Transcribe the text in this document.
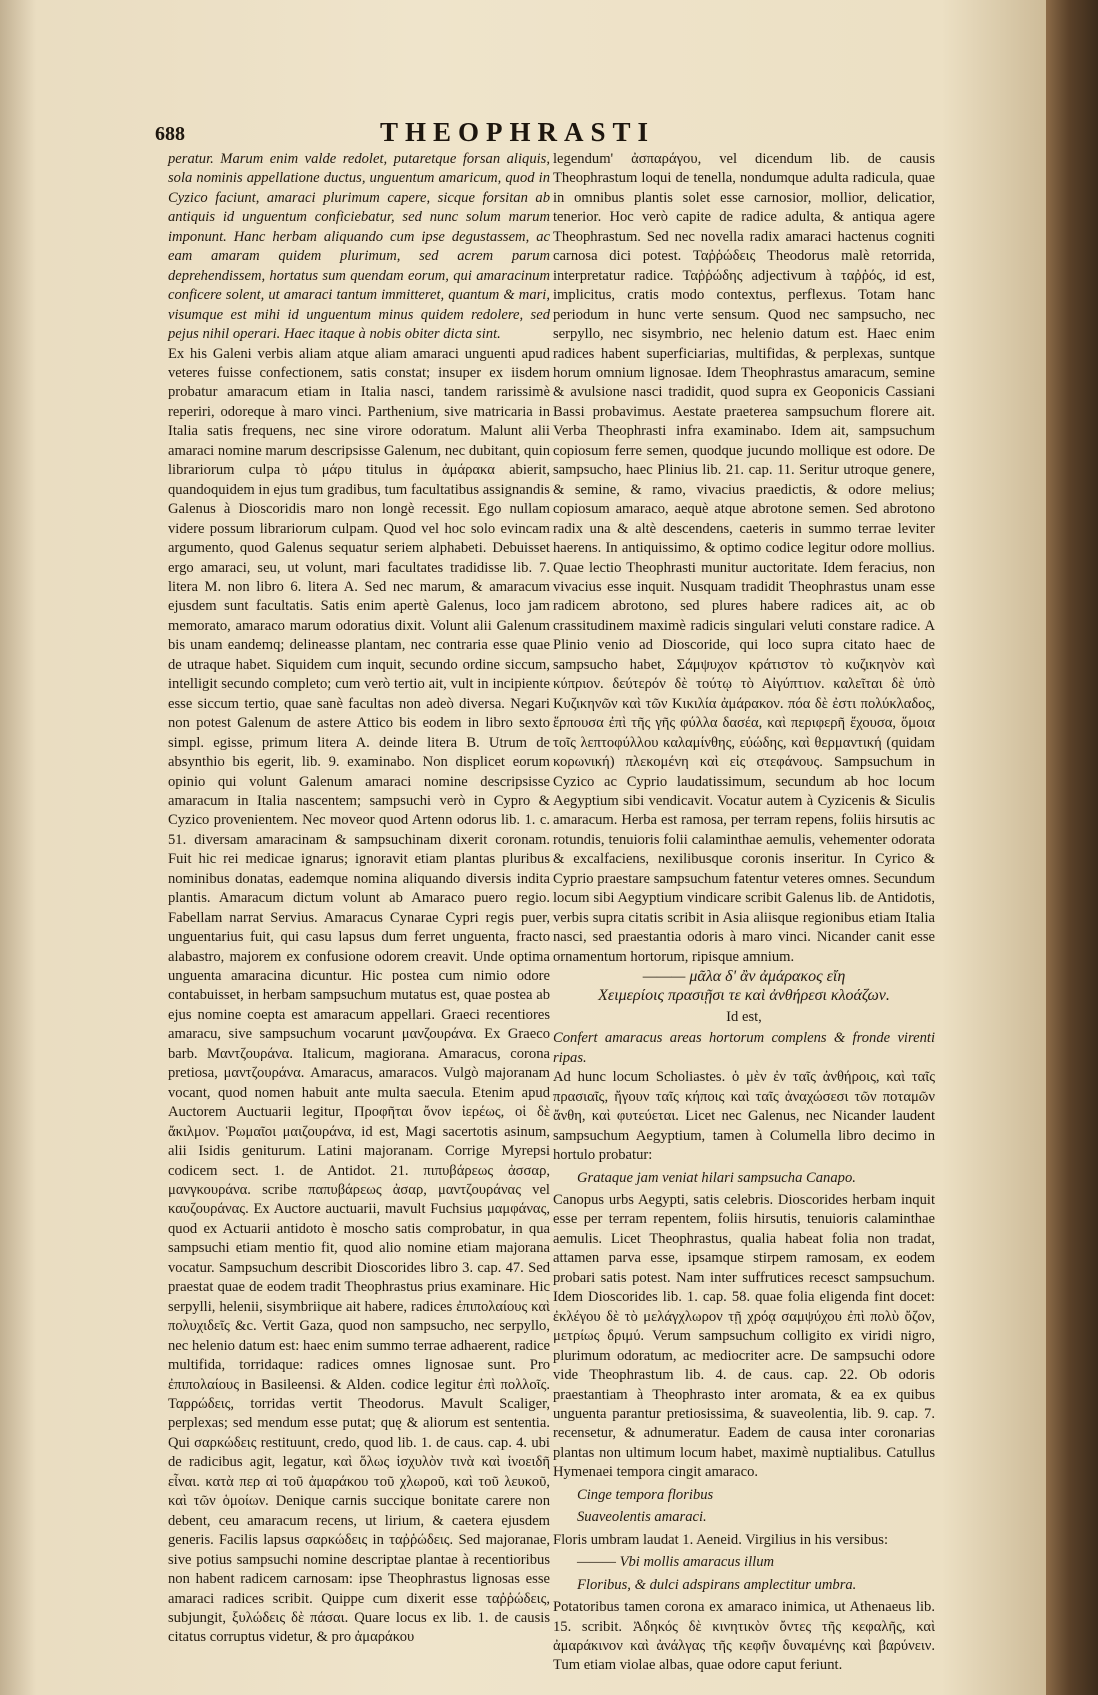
688	THEOPHRASTI

peratur. Marum enim valde redolet, putaretque forsan aliquis, sola nominis appellatione ductus, unguentum amaricum, quod in Cyzico faciunt, amaraci plurimum capere, sicque forsitan ab antiquis id unguentum conficiebatur, sed nunc solum marum imponunt. Hanc herbam aliquando cum ipse degustassem, ac eam amaram quidem plurimum, sed acrem parum deprehendissem, hortatus sum quendam eorum, qui amaracinum conficere solent, ut amaraci tantum immitteret, quantum & mari, visumque est mihi id unguentum minus quidem redolere, sed pejus nihil operari. Haec itaque à nobis obiter dicta sint.

Ex his Galeni verbis aliam atque aliam amaraci unguenti apud veteres fuisse confectionem, satis constat; insuper ex iisdem probatur amaracum etiam in Italia nasci, tandem rarissimè reperiri, odoreque à maro vinci. Parthenium, sive matricaria in Italia satis frequens, nec sine virore odoratum. Malunt alii amaraci nomine marum descripsisse Galenum, nec dubitant, quin librariorum culpa τὸ μάρυ titulus in ἀμάρακα abierit, quandoquidem in ejus tum gradibus, tum facultatibus assignandis Galenus à Dioscoridis maro non longè recessit. Ego nullam videre possum librariorum culpam. Quod vel hoc solo evincam argumento, quod Galenus sequatur seriem alphabeti. Debuisset ergo amaraci, seu, ut volunt, mari facultates tradidisse lib. 7. litera M. non libro 6. litera A. Sed nec marum, & amaracum ejusdem sunt facultatis. Satis enim apertè Galenus, loco jam memorato, amaraco marum odoratius dixit. Volunt alii Galenum bis unam eandemq; delineasse plantam, nec contraria esse quae de utraque habet. Siquidem cum inquit, secundo ordine siccum, intelligit secundo completo; cum verò tertio ait, vult in incipiente esse siccum tertio, quae sanè facultas non adeò diversa. Negari non potest Galenum de astere Attico bis eodem in libro sexto simpl. egisse, primum litera A. deinde litera B. Utrum de absynthio bis egerit, lib. 9. examinabo. Non displicet eorum opinio qui volunt Galenum amaraci nomine descripsisse amaracum in Italia nascentem; sampsuchi verò in Cypro & Cyzico provenientem. Nec moveor quod Artenn odorus lib. 1. c. 51. diversam amaracinam & sampsuchinam dixerit coronam. Fuit hic rei medicae ignarus; ignoravit etiam plantas pluribus nominibus donatas, eademque nomina aliquando diversis indita plantis. Amaracum dictum volunt ab Amaraco puero regio. Fabellam narrat Servius. Amaracus Cynarae Cypri regis puer, unguentarius fuit, qui casu lapsus dum ferret unguenta, fracto alabastro, majorem ex confusione odorem creavit. Unde optima unguenta amaracina dicuntur. Hic postea cum nimio odore contabuisset, in herbam sampsuchum mutatus est, quae postea ab ejus nomine coepta est amaracum appellari. Graeci recentiores amaracu, sive sampsuchum vocarunt μανζουράνα. Ex Graeco barb. Μαντζουράνα. Italicum, magiorana. Amaracus, corona pretiosa, μαντζουράνα. Amaracus, amaracos. Vulgò majoranam vocant, quod nomen habuit ante multa saecula. Etenim apud Auctorem Auctuarii legitur, Προφῆται ὄνον ἱερέως, οἱ δὲ ἄκιλμον. Ῥωμαῖοι μαιζουράνα, id est, Magi sacertotis asinum, alii Isidis geniturum. Latini majoranam. Corrige Myrepsi codicem sect. 1. de Antidot. 21. πιπυβάρεως ἀσσαρ, μανγκουράνα. scribe παπυβάρεως ἀσαρ, μαντζουράνας vel καυζουράνας. Ex Auctore auctuarii, mavult Fuchsius μαμφάνας, quod ex Actuarii antidoto è moscho satis comprobatur, in qua sampsuchi etiam mentio fit, quod alio nomine etiam majorana vocatur. Sampsuchum describit Dioscorides libro 3. cap. 47. Sed praestat quae de eodem tradit Theophrastus prius examinare. Hic serpylli, helenii, sisymbriique ait habere, radices ἐπιπολαίους καὶ πολυχιδεῖς &c. Vertit Gaza, quod non sampsucho, nec serpyllo, nec helenio datum est: haec enim summo terrae adhaerent, radice multifida, torridaque: radices omnes lignosae sunt. Pro ἐπιπολαίους in Basileensi. & Alden. codice legitur ἐπὶ πολλοῖς. Ταρρώδεις, torridas vertit Theodorus. Mavult Scaliger, perplexas; sed mendum esse putat; quę & aliorum est sententia. Qui σαρκώδεις restituunt, credo, quod lib. 1. de caus. cap. 4. ubi de radicibus agit, legatur, καὶ ὅλως ἰσχυλὸν τινὰ καὶ ἰνοειδῆ εἶναι. κατὰ περ αἱ τοῦ ἀμαράκου τοῦ χλωροῦ, καὶ τοῦ λευκοῦ, καὶ τῶν ὁμοίων. Denique carnis succique bonitate carere non debent, ceu amaracum recens, ut lirium, & caetera ejusdem generis. Facilis lapsus σαρκώδεις in ταῤῥώδεις. Sed majoranae, sive potius sampsuchi nomine descriptae plantae à recentioribus non habent radicem carnosam: ipse Theophrastus lignosas esse amaraci radices scribit. Quippe cum dixerit esse ταῤῥώδεις, subjungit, ξυλώδεις δὲ πάσαι. Quare locus ex lib. 1. de causis citatus corruptus videtur, & pro ἀμαράκου

legendum' ἀσπαράγου, vel dicendum lib. de causis Theophrastum loqui de tenella, nondumque adulta radicula, quae in omnibus plantis solet esse carnosior, mollior, delicatior, tenerior. Hoc verò capite de radice adulta, & antiqua agere Theophrastum. Sed nec novella radix amaraci hactenus cogniti carnosa dici potest. Ταῤῥώδεις Theodorus malè retorrida, interpretatur radice. Ταῤῥώδης adjectivum à ταῤῥός, id est, implicitus, cratis modo contextus, perflexus. Totam hanc periodum in hunc verte sensum. Quod nec sampsucho, nec serpyllo, nec sisymbrio, nec helenio datum est. Haec enim radices habent superficiarias, multifidas, & perplexas, suntque horum omnium lignosae. Idem Theophrastus amaracum, semine & avulsione nasci tradidit, quod supra ex Geoponicis Cassiani Bassi probavimus. Aestate praeterea sampsuchum florere ait. Verba Theophrasti infra examinabo. Idem ait, sampsuchum copiosum ferre semen, quodque jucundo mollique est odore. De sampsucho, haec Plinius lib. 21. cap. 11. Seritur utroque genere, & semine, & ramo, vivacius praedictis, & odore melius; copiosum amaraco, aequè atque abrotone semen. Sed abrotono radix una & altè descendens, caeteris in summo terrae leviter haerens. In antiquissimo, & optimo codice legitur odore mollius. Quae lectio Theophrasti munitur auctoritate. Idem feracius, non vivacius esse inquit. Nusquam tradidit Theophrastus unam esse radicem abrotono, sed plures habere radices ait, ac ob crassitudinem maximè radicis singulari veluti constare radice. A Plinio venio ad Dioscoride, qui loco supra citato haec de sampsucho habet, Σάμψυχον κράτιστον τὸ κυζικηνὸν καὶ κύπριον. δεύτερόν δὲ τούτῳ τὸ Αἰγύπτιον. καλεῖται δὲ ὑπὸ Κυζικηνῶν καὶ τῶν Κικιλία ἀμάρακον. πόα δὲ ἐστι πολύκλαδος, ἕρπουσα ἐπὶ τῆς γῆς φύλλα δασέα, καὶ περιφερῆ ἔχουσα, ὅμοια τοῖς λεπτοφύλλου καλαμίνθης, εὐώδης, καὶ θερμαντική (quidam κορωνική) πλεκομένη καὶ εἰς στεφάνους. Sampsuchum in Cyzico ac Cyprio laudatissimum, secundum ab hoc locum Aegyptium sibi vendicavit. Vocatur autem à Cyzicenis & Siculis amaracum. Herba est ramosa, per terram repens, foliis hirsutis ac rotundis, tenuioris folii calaminthae aemulis, vehementer odorata & excalfaciens, nexilibusque coronis inseritur. In Cyrico & Cyprio praestare sampsuchum fatentur veteres omnes. Secundum locum sibi Aegyptium vindicare scribit Galenus lib. de Antidotis, verbis supra citatis scribit in Asia aliisque regionibus etiam Italia nasci, sed praestantia odoris à maro vinci. Nicander canit esse ornamentum hortorum, ripisque amnium.

——— μᾶλα δ' ἂν ἀμάρακος εἴη

Χειμερίοις πρασιῇσι τε καὶ ἀνθήρεσι κλοάζων.

Id est,

Confert amaracus areas hortorum complens & fronde virenti ripas.

Ad hunc locum Scholiastes. ὁ μὲν ἐν ταῖς ἀνθήροις, καὶ ταῖς πρασιαῖς, ἤγουν ταῖς κήποις καὶ ταῖς ἀναχώσεσι τῶν ποταμῶν ἄνθη, καὶ φυτεύεται. Licet nec Galenus, nec Nicander laudent sampsuchum Aegyptium, tamen à Columella libro decimo in hortulo probatur:

Grataque jam veniat hilari sampsucha Canapo.

Canopus urbs Aegypti, satis celebris. Dioscorides herbam inquit esse per terram repentem, foliis hirsutis, tenuioris calaminthae aemulis. Licet Theophrastus, qualia habeat folia non tradat, attamen parva esse, ipsamque stirpem ramosam, ex eodem probari satis potest. Nam inter suffrutices recesct sampsuchum. Idem Dioscorides lib. 1. cap. 58. quae folia eligenda fint docet: ἐκλέγου δὲ τὸ μελάγχλωρον τῇ χρόᾳ σαμψύχου ἐπὶ πολὺ ὄζον, μετρίως δριμύ. Verum sampsuchum colligito ex viridi nigro, plurimum odoratum, ac mediocriter acre. De sampsuchi odore vide Theophrastum lib. 4. de caus. cap. 22. Ob odoris praestantiam à Theophrasto inter aromata, & ea ex quibus unguenta parantur pretiosissima, & suaveolentia, lib. 9. cap. 7. recensetur, & adnumeratur. Eadem de causa inter coronarias plantas non ultimum locum habet, maximè nuptialibus. Catullus Hymenaei tempora cingit amaraco.

Cinge tempora floribus

Suaveolentis amaraci.

Floris umbram laudat 1. Aeneid. Virgilius in his versibus:

——— Vbi mollis amaracus illum

Floribus, & dulci adspirans amplectitur umbra.

Potatoribus tamen corona ex amaraco inimica, ut Athenaeus lib. 15. scribit. Ἀδηκός δὲ κινητικὸν ὄντες τῆς κεφαλῆς, καὶ ἀμαράκινον καὶ ἀνάλγας τῆς κεφῆν δυναμένης καὶ βαρύνειν. Tum etiam violae albas, quae odore caput feriunt.
